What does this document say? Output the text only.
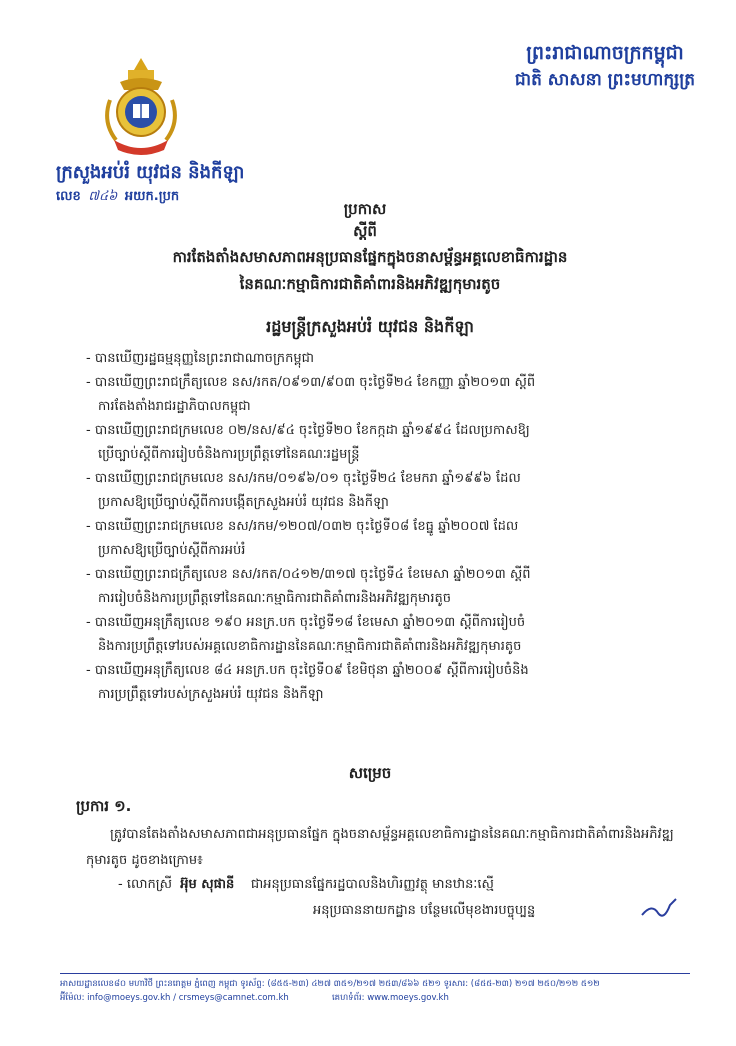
ព្រះរាជាណាចក្រកម្ពុជា
ជាតិ សាសនា ព្រះមហាក្សត្រ
ក្រសួងអប់រំ យុវជន និងកីឡា
លេខ ៧៤៦ អយក.ប្រក
ប្រកាស
ស្តីពី
ការតែងតាំងសមាសភាពអនុប្រធានផ្នែកក្នុងចនាសម្ព័ន្ធអគ្គលេខាធិការដ្ឋាន
នៃគណៈកម្មាធិការជាតិគាំពារនិងអភិវឌ្ឍកុមារតូច
រដ្ឋមន្ត្រីក្រសួងអប់រំ យុវជន និងកីឡា
- បានឃើញរដ្ឋធម្មនុញ្ញនៃព្រះរាជាណាចក្រកម្ពុជា
- បានឃើញព្រះរាជក្រឹត្យលេខ នស/រកត/០៩១៣/៩០៣ ចុះថ្ងៃទី២៤ ខែកញ្ញា ឆ្នាំ២០១៣ ស្តីពី
ការតែងតាំងរាជរដ្ឋាភិបាលកម្ពុជា
- បានឃើញព្រះរាជក្រមលេខ ០២/នស/៩៤ ចុះថ្ងៃទី២០ ខែកក្កដា ឆ្នាំ១៩៩៤ ដែលប្រកាសឱ្យ
ប្រើច្បាប់ស្តីពីការរៀបចំនិងការប្រព្រឹត្តទៅនៃគណៈរដ្ឋមន្ត្រី
- បានឃើញព្រះរាជក្រមលេខ នស/រកម/០១៩៦/០១ ចុះថ្ងៃទី២៤ ខែមករា ឆ្នាំ១៩៩៦ ដែល
ប្រកាសឱ្យប្រើច្បាប់ស្តីពីការបង្កើតក្រសួងអប់រំ យុវជន និងកីឡា
- បានឃើញព្រះរាជក្រមលេខ នស/រកម/១២០៧/០៣២ ចុះថ្ងៃទី០៨ ខែធ្នូ ឆ្នាំ២០០៧ ដែល
ប្រកាសឱ្យប្រើច្បាប់ស្តីពីការអប់រំ
- បានឃើញព្រះរាជក្រឹត្យលេខ នស/រកត/០៤១២/៣១៧ ចុះថ្ងៃទី៤ ខែមេសា ឆ្នាំ២០១៣ ស្តីពី
ការរៀបចំនិងការប្រព្រឹត្តទៅនៃគណៈកម្មាធិការជាតិគាំពារនិងអភិវឌ្ឍកុមារតូច
- បានឃើញអនុក្រឹត្យលេខ ១៩០ អនក្រ.បក ចុះថ្ងៃទី១៨ ខែមេសា ឆ្នាំ២០១៣ ស្តីពីការរៀបចំ
និងការប្រព្រឹត្តទៅរបស់អគ្គលេខាធិការដ្ឋាននៃគណៈកម្មាធិការជាតិគាំពារនិងអភិវឌ្ឍកុមារតូច
- បានឃើញអនុក្រឹត្យលេខ ៨៤ អនក្រ.បក ចុះថ្ងៃទី០៩ ខែមិថុនា ឆ្នាំ២០០៩ ស្តីពីការរៀបចំនិង
ការប្រព្រឹត្តទៅរបស់ក្រសួងអប់រំ យុវជន និងកីឡា
សម្រេច
ប្រការ ១.
ត្រូវបានតែងតាំងសមាសភាពជាអនុប្រធានផ្នែក ក្នុងចនាសម្ព័ន្ធអគ្គលេខាធិការដ្ឋាននៃគណៈកម្មាធិការជាតិគាំពារនិងអភិវឌ្ឍកុមារតូច ដូចខាងក្រោម៖
- លោកស្រី អ៊ុម សុផានី ជាអនុប្រធានផ្នែករដ្ឋបាលនិងហិរញ្ញវត្ថុ មានឋានៈស្មើ
អនុប្រធាននាយកដ្ឋាន បន្ថែមលើមុខងារបច្ចុប្បន្ន
អាសយដ្ឋានលេខ៨០ មហាវិថី ព្រះនរោត្តម ភ្នំពេញ កម្ពុជា ទូរស័ព្ទ: (៨៥៥-២៣) ៤២៧ ៣៥១/២១៧ ២៥៣/៨៦៦ ៥២១ ទូរសារ: (៨៥៥-២៣) ២១៧ ២៥០/២១២ ៥១២
អ៊ីម៉ែល: info@moeys.gov.kh / crsmeys@camnet.com.kh	គេហទំព័រ: www.moeys.gov.kh
